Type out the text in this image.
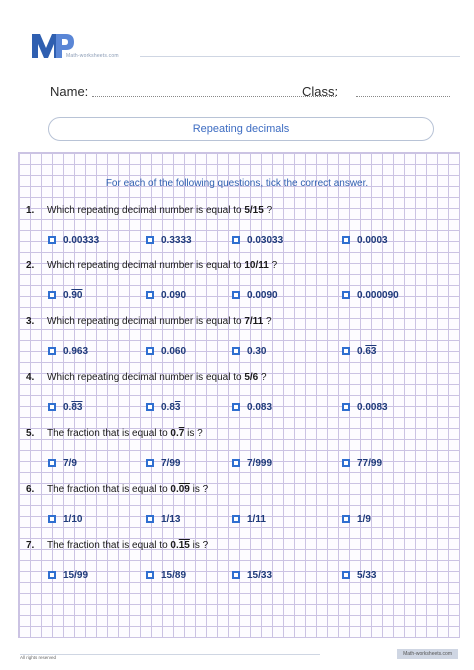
Math-worksheets.com
Name:	Class:
Repeating decimals
For each of the following questions, tick the correct answer.
1. Which repeating decimal number is equal to 5/15 ?
0.00333	0.3333	0.03033	0.0003
2. Which repeating decimal number is equal to 10/11 ?
0.90	0.090	0.0090	0.000090
3. Which repeating decimal number is equal to 7/11 ?
0.963	0.060	0.30	0.63
4. Which repeating decimal number is equal to 5/6 ?
0.83	0.83	0.083	0.0083
5. The fraction that is equal to 0.7 is ?
7/9	7/99	7/999	77/99
6. The fraction that is equal to 0.09 is ?
1/10	1/13	1/11	1/9
7. The fraction that is equal to 0.15 is ?
15/99	15/89	15/33	5/33
All rights reserved
Math-worksheets.com
